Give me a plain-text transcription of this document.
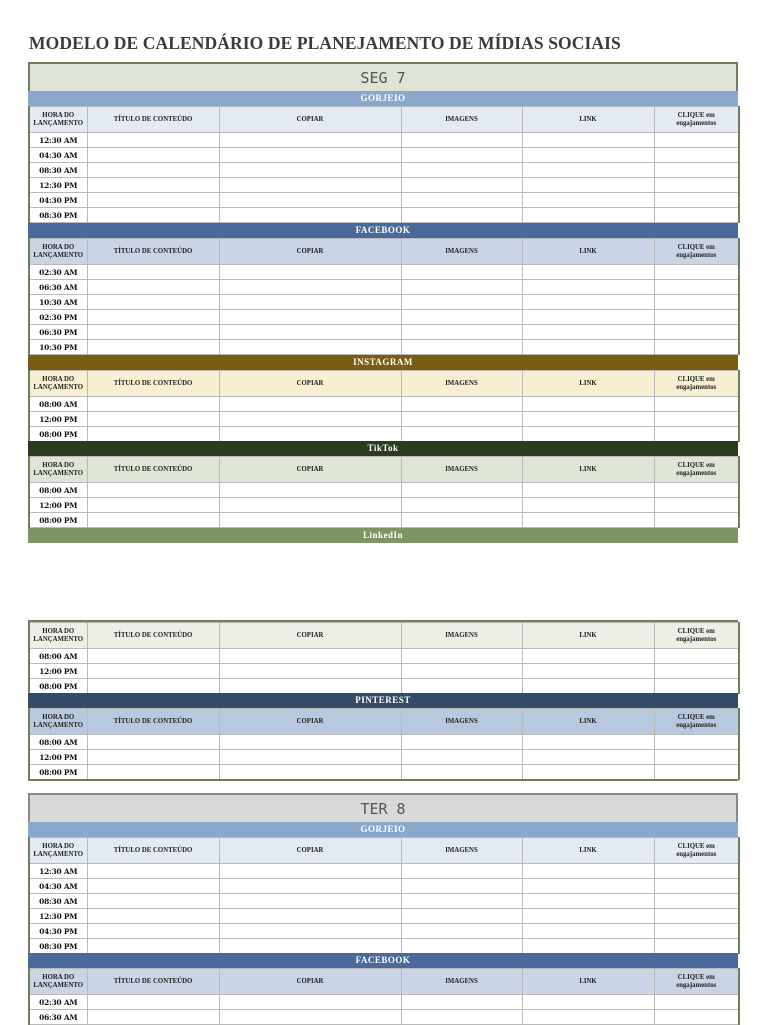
MODELO DE CALENDÁRIO DE PLANEJAMENTO DE MÍDIAS SOCIAIS
SEG 7
GORJEIO
HORA DO
LANÇAMENTO	TÍTULO DE CONTEÚDO	COPIAR	IMAGENS	LINK	CLIQUE em
engajamentos
12:30 AM					
04:30 AM					
08:30 AM					
12:30 PM					
04:30 PM					
08:30 PM					
FACEBOOK
HORA DO
LANÇAMENTO	TÍTULO DE CONTEÚDO	COPIAR	IMAGENS	LINK	CLIQUE em
engajamentos
02:30 AM					
06:30 AM					
10:30 AM					
02:30 PM					
06:30 PM					
10:30 PM					
INSTAGRAM
HORA DO
LANÇAMENTO	TÍTULO DE CONTEÚDO	COPIAR	IMAGENS	LINK	CLIQUE em
engajamentos
08:00 AM					
12:00 PM					
08:00 PM					
TikTok
HORA DO
LANÇAMENTO	TÍTULO DE CONTEÚDO	COPIAR	IMAGENS	LINK	CLIQUE em
engajamentos
08:00 AM					
12:00 PM					
08:00 PM					
LinkedIn
HORA DO
LANÇAMENTO	TÍTULO DE CONTEÚDO	COPIAR	IMAGENS	LINK	CLIQUE em
engajamentos
08:00 AM					
12:00 PM					
08:00 PM					
PINTEREST
HORA DO
LANÇAMENTO	TÍTULO DE CONTEÚDO	COPIAR	IMAGENS	LINK	CLIQUE em
engajamentos
08:00 AM					
12:00 PM					
08:00 PM					
TER 8
GORJEIO
HORA DO
LANÇAMENTO	TÍTULO DE CONTEÚDO	COPIAR	IMAGENS	LINK	CLIQUE em
engajamentos
12:30 AM					
04:30 AM					
08:30 AM					
12:30 PM					
04:30 PM					
08:30 PM					
FACEBOOK
HORA DO
LANÇAMENTO	TÍTULO DE CONTEÚDO	COPIAR	IMAGENS	LINK	CLIQUE em
engajamentos
02:30 AM					
06:30 AM					
